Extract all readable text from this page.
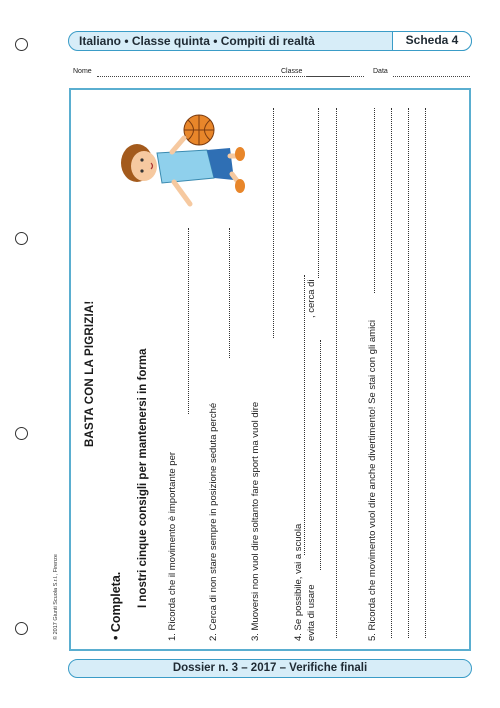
Italiano • Classe quinta • Compiti di realtà	Scheda 4
Nome	Classe	Data
BASTA CON LA PIGRIZIA!
• Completa. I nostri cinque consigli per mantenersi in forma 1. Ricorda che il movimento è importante per	2. Cerca di non stare sempre in posizione seduta perché	3. Muoversi non vuol dire soltanto fare sport ma vuol dire	4. Se possibile, vai a scuola
, cerca di
evita di usare	5. Ricorda che movimento vuol dire anche divertimento! Se stai con gli amici
© 2017 Giunti Scuola S.r.l., Firenze
Dossier n. 3 – 2017 – Verifiche finali
